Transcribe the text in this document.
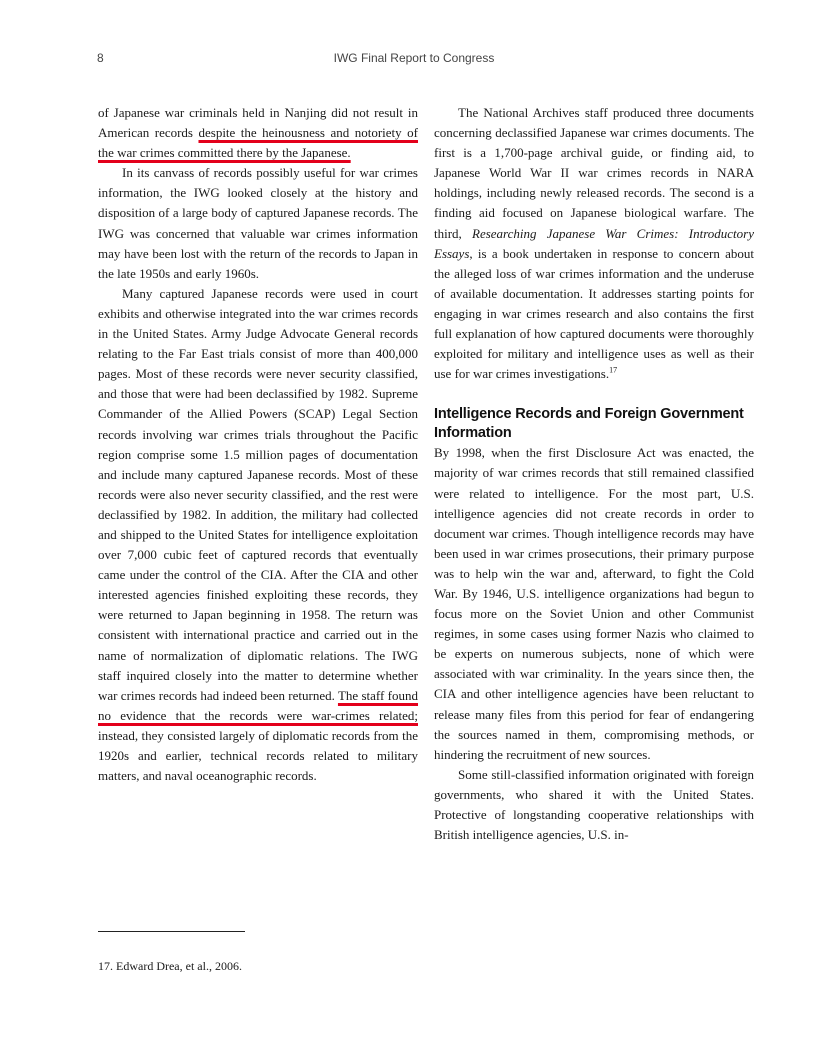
8	IWG Final Report to Congress

of Japanese war criminals held in Nanjing did not result in American records despite the heinousness and notoriety of the war crimes committed there by the Japanese.

In its canvass of records possibly useful for war crimes information, the IWG looked closely at the history and disposition of a large body of captured Japanese records. The IWG was concerned that valuable war crimes information may have been lost with the return of the records to Japan in the late 1950s and early 1960s.

Many captured Japanese records were used in court exhibits and otherwise integrated into the war crimes records in the United States. Army Judge Advocate General records relating to the Far East trials consist of more than 400,000 pages. Most of these records were never security classified, and those that were had been declassified by 1982. Supreme Commander of the Allied Powers (SCAP) Legal Section records involving war crimes trials throughout the Pacific region comprise some 1.5 million pages of documentation and include many captured Japanese records. Most of these records were also never security classified, and the rest were declassified by 1982. In addition, the military had collected and shipped to the United States for intelligence exploitation over 7,000 cubic feet of captured records that eventually came under the control of the CIA. After the CIA and other interested agencies finished exploiting these records, they were returned to Japan beginning in 1958. The return was consistent with international practice and carried out in the name of normalization of diplomatic relations. The IWG staff inquired closely into the matter to determine whether war crimes records had indeed been returned. The staff found no evidence that the records were war-crimes related; instead, they consisted largely of diplomatic records from the 1920s and earlier, technical records related to military matters, and naval oceanographic records.

The National Archives staff produced three documents concerning declassified Japanese war crimes documents. The first is a 1,700-page archival guide, or finding aid, to Japanese World War II war crimes records in NARA holdings, including newly released records. The second is a finding aid focused on Japanese biological warfare. The third, Researching Japanese War Crimes: Introductory Essays, is a book undertaken in response to concern about the alleged loss of war crimes information and the underuse of available documentation. It addresses starting points for engaging in war crimes research and also contains the first full explanation of how captured documents were thoroughly exploited for military and intelligence uses as well as their use for war crimes investigations.$^{17}$

Intelligence Records and Foreign Government Information

By 1998, when the first Disclosure Act was enacted, the majority of war crimes records that still remained classified were related to intelligence. For the most part, U.S. intelligence agencies did not create records in order to document war crimes. Though intelligence records may have been used in war crimes prosecutions, their primary purpose was to help win the war and, afterward, to fight the Cold War. By 1946, U.S. intelligence organizations had begun to focus more on the Soviet Union and other Communist regimes, in some cases using former Nazis who claimed to be experts on numerous subjects, none of which were associated with war criminality. In the years since then, the CIA and other intelligence agencies have been reluctant to release many files from this period for fear of endangering the sources named in them, compromising methods, or hindering the recruitment of new sources.

Some still-classified information originated with foreign governments, who shared it with the United States. Protective of longstanding cooperative relationships with British intelligence agencies, U.S. in-

17. Edward Drea, et al., 2006.
